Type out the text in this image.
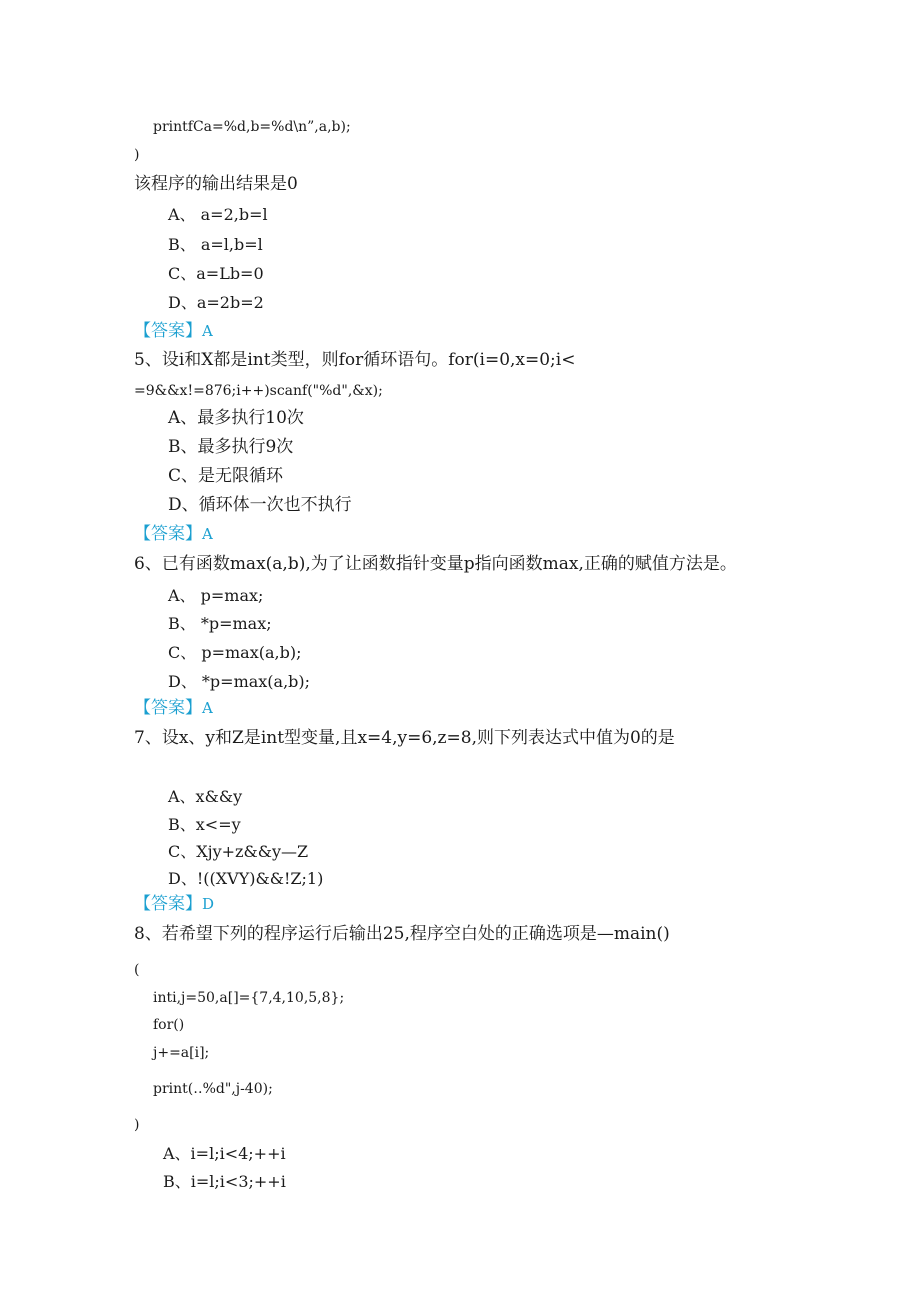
printfCa=%d,b=%d\n”,a,b);
)
该程序的输出结果是0
A、 a=2,b=l
B、 a=l,b=l
C、a=Lb=0
D、a=2b=2
【答案】A
5、设i和X都是int类型，则for循环语句。for(i=0,x=0;i<
=9&&x!=876;i++)scanf("%d",&x);
A、最多执行10次
B、最多执行9次
C、是无限循环
D、循环体一次也不执行
【答案】A
6、已有函数max(a,b),为了让函数指针变量p指向函数max,正确的赋值方法是。
A、 p=max;
B、 *p=max;
C、 p=max(a,b);
D、 *p=max(a,b);
【答案】A
7、设x、y和Z是int型变量,且x=4,y=6,z=8,则下列表达式中值为0的是
A、x&&y
B、x<=y
C、Xjy+z&&y—Z
D、!((XVY)&&!Z;1)
【答案】D
8、若希望下列的程序运行后输出25,程序空白处的正确选项是—main()
(
inti,j=50,a[]={7,4,10,5,8};
for()
j+=a[i];
print(‥%d",j-40);
)
A、i=l;i<4;++i
B、i=l;i<3;++i
